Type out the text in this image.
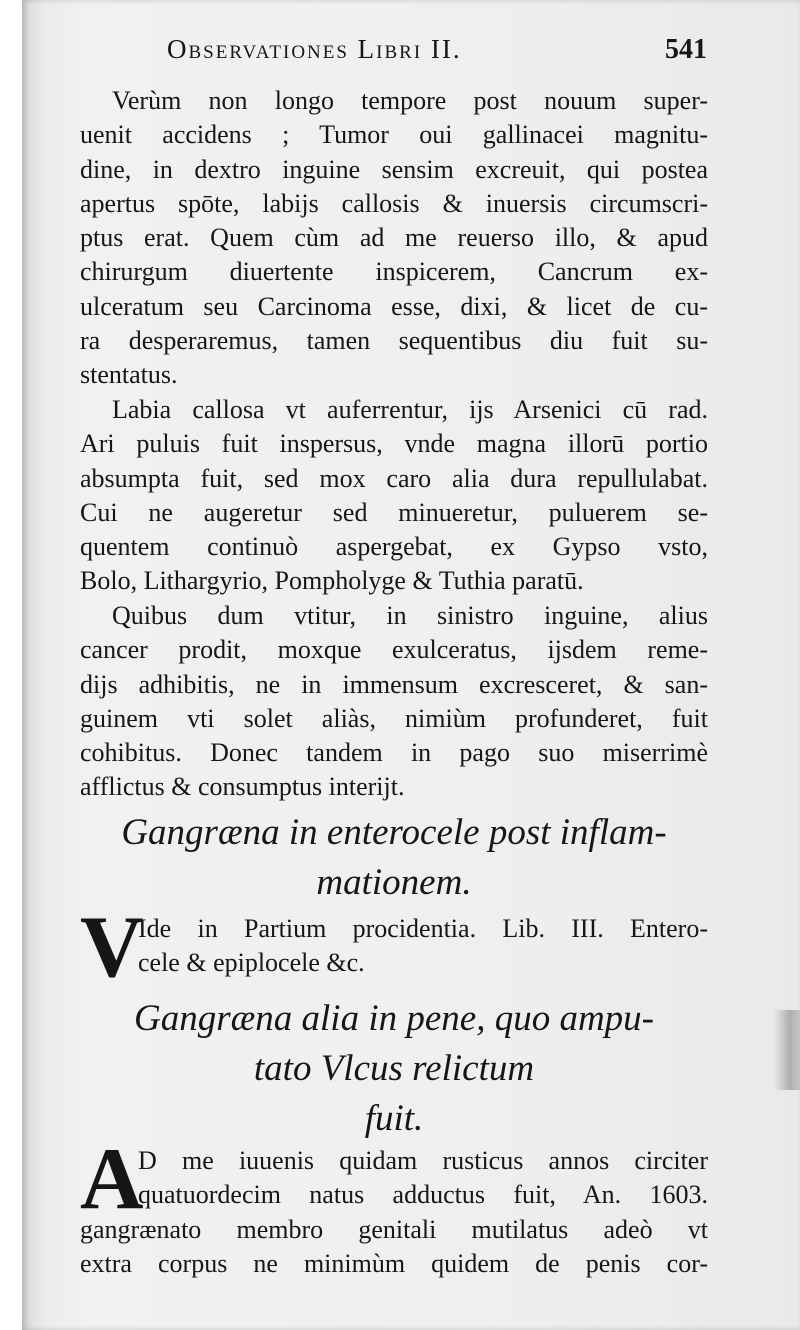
Observationes Libri II.	541
Verùm non longo tempore post nouum super-
uenit accidens ; Tumor oui gallinacei magnitu-
dine, in dextro inguine sensim excreuit, qui postea
apertus spōte, labijs callosis & inuersis circumscri-
ptus erat. Quem cùm ad me reuerso illo, & apud
chirurgum diuertente inspicerem, Cancrum ex-
ulceratum seu Carcinoma esse, dixi, & licet de cu-
ra desperaremus, tamen sequentibus diu fuit su-
stentatus.
Labia callosa vt auferrentur, ijs Arsenici cū rad.
Ari puluis fuit inspersus, vnde magna illorū portio
absumpta fuit, sed mox caro alia dura repullulabat.
Cui ne augeretur sed minueretur, puluerem se-
quentem continuò aspergebat, ex Gypso vsto,
Bolo, Lithargyrio, Pompholyge & Tuthia paratū.
Quibus dum vtitur, in sinistro inguine, alius
cancer prodit, moxque exulceratus, ijsdem reme-
dijs adhibitis, ne in immensum excresceret, & san-
guinem vti solet aliàs, nimiùm profunderet, fuit
cohibitus. Donec tandem in pago suo miserrimè
afflictus & consumptus interijt.
Gangræna in enterocele post inflam-
mationem.
V
Ide in Partium procidentia. Lib. III. Entero-
cele & epiplocele &c.
Gangræna alia in pene, quo ampu-
tato Vlcus relictum
fuit.
A
D me iuuenis quidam rusticus annos circiter
quatuordecim natus adductus fuit, An. 1603.
gangrænato membro genitali mutilatus adeò vt
extra corpus ne minimùm quidem de penis cor-
